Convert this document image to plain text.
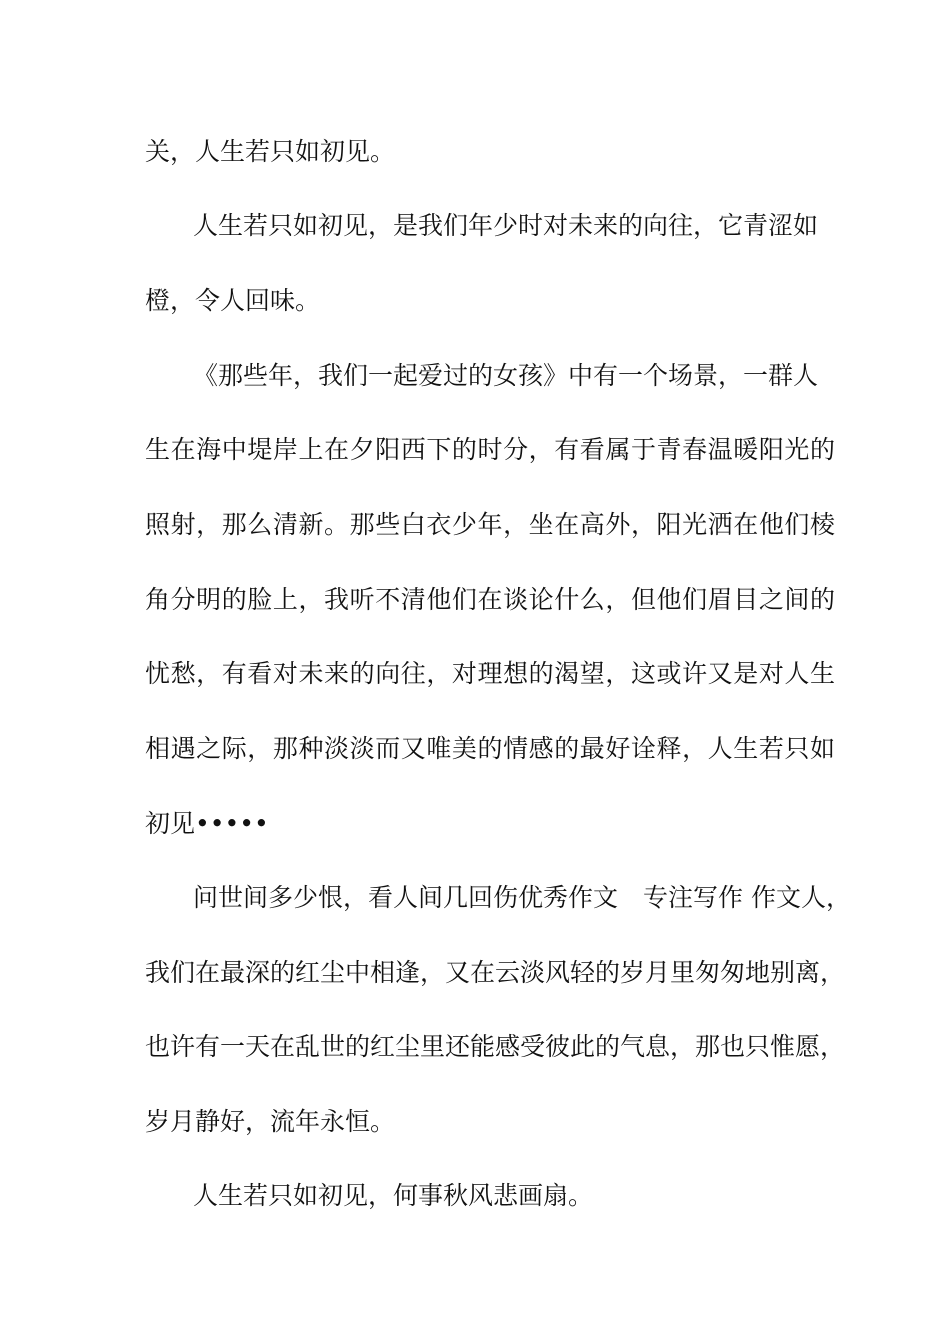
关，人生若只如初见。
人生若只如初见，是我们年少时对未来的向往，它青涩如
橙，令人回味。
《那些年，我们一起爱过的女孩》中有一个场景，一群人
生在海中堤岸上在夕阳西下的时分，有看属于青春温暖阳光的
照射，那么清新。那些白衣少年，坐在高外，阳光洒在他们棱
角分明的脸上，我听不清他们在谈论什么，但他们眉目之间的
忧愁，有看对未来的向往，对理想的渴望，这或许又是对人生
相遇之际，那种淡淡而又唯美的情感的最好诠释，人生若只如
初见•••••
问世间多少恨，看人间几回伤优秀作文　专注写作 作文人，
我们在最深的红尘中相逢，又在云淡风轻的岁月里匆匆地别离，
也许有一天在乱世的红尘里还能感受彼此的气息，那也只惟愿，
岁月静好，流年永恒。
人生若只如初见，何事秋风悲画扇。
